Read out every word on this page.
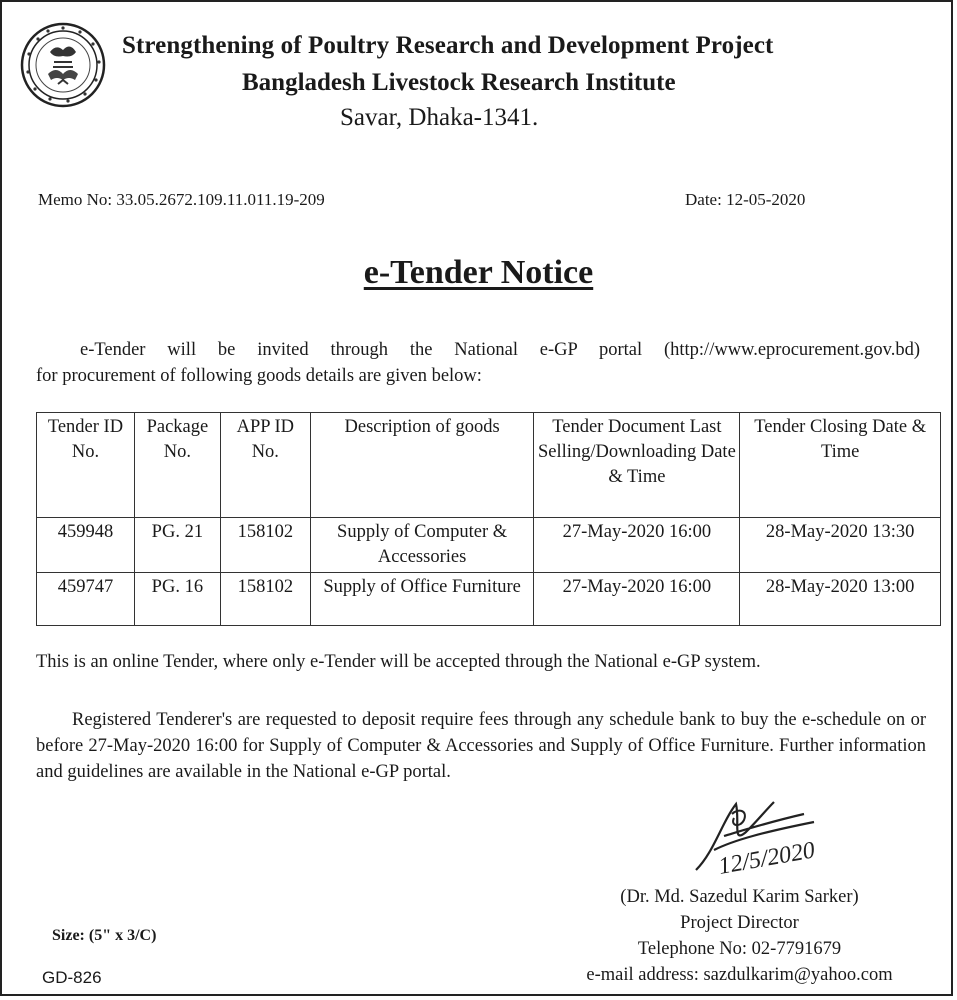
Strengthening of Poultry Research and Development Project
Bangladesh Livestock Research Institute
Savar, Dhaka-1341.
Memo No: 33.05.2672.109.11.011.19-209	Date: 12-05-2020
e-Tender Notice
e-Tender will be invited through the National e-GP portal (http://www.eprocurement.gov.bd)
for procurement of following goods details are given below:
Tender ID No.	Package No.	APP ID No.	Description of goods	Tender Document Last Selling/Downloading Date & Time	Tender Closing Date & Time
459948	PG. 21	158102	Supply of Computer & Accessories	27-May-2020 16:00	28-May-2020 13:30
459747	PG. 16	158102	Supply of Office Furniture	27-May-2020 16:00	28-May-2020 13:00
This is an online Tender, where only e-Tender will be accepted through the National e-GP system.
Registered Tenderer's are requested to deposit require fees through any schedule bank to buy the e-schedule on or before 27-May-2020 16:00 for Supply of Computer & Accessories and Supply of Office Furniture. Further information and guidelines are available in the National e-GP portal.
12/5/2020
(Dr. Md. Sazedul Karim Sarker)
Project Director
Telephone No: 02-7791679
e-mail address: sazdulkarim@yahoo.com
Size: (5" x 3/C)
GD-826
